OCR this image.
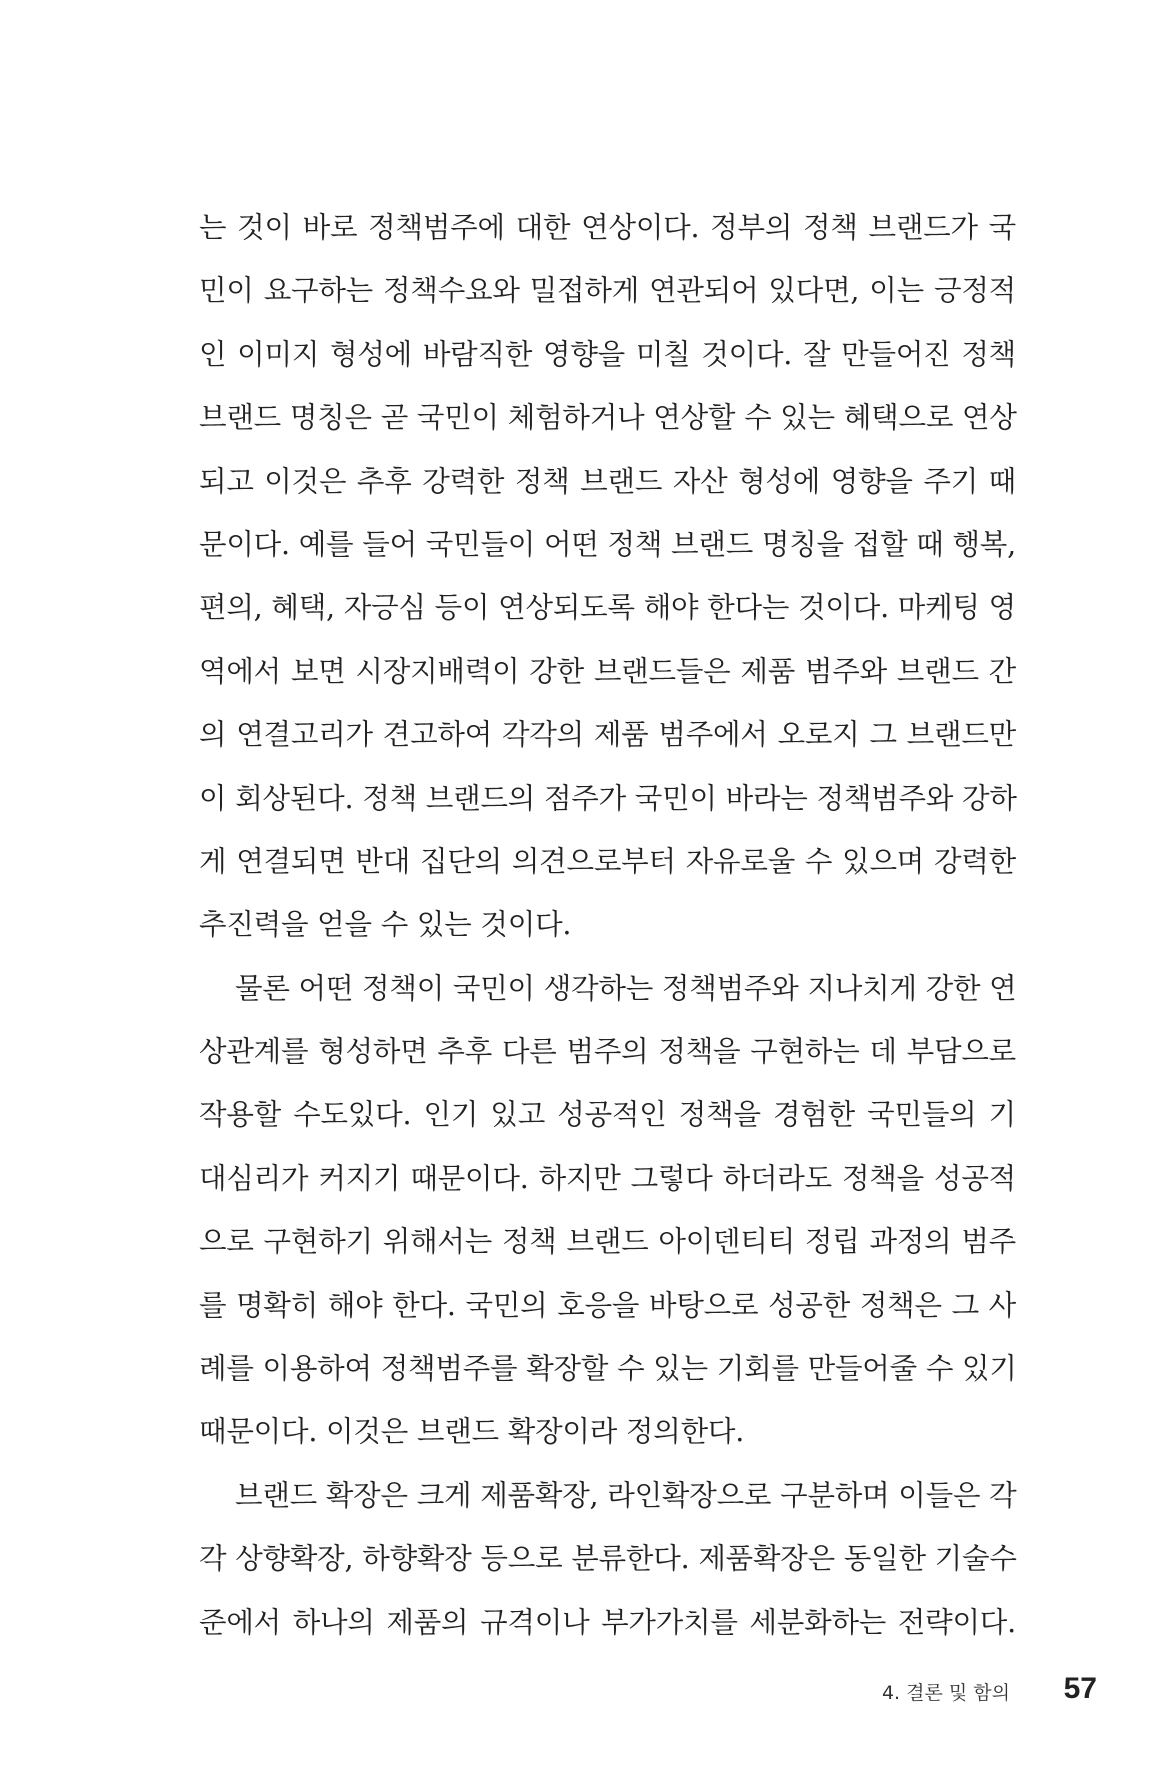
는 것이 바로 정책범주에 대한 연상이다. 정부의 정책 브랜드가 국
민이 요구하는 정책수요와 밀접하게 연관되어 있다면, 이는 긍정적
인 이미지 형성에 바람직한 영향을 미칠 것이다. 잘 만들어진 정책
브랜드 명칭은 곧 국민이 체험하거나 연상할 수 있는 혜택으로 연상
되고 이것은 추후 강력한 정책 브랜드 자산 형성에 영향을 주기 때
문이다. 예를 들어 국민들이 어떤 정책 브랜드 명칭을 접할 때 행복,
편의, 혜택, 자긍심 등이 연상되도록 해야 한다는 것이다. 마케팅 영
역에서 보면 시장지배력이 강한 브랜드들은 제품 범주와 브랜드 간
의 연결고리가 견고하여 각각의 제품 범주에서 오로지 그 브랜드만
이 회상된다. 정책 브랜드의 점주가 국민이 바라는 정책범주와 강하
게 연결되면 반대 집단의 의견으로부터 자유로울 수 있으며 강력한
추진력을 얻을 수 있는 것이다.
물론 어떤 정책이 국민이 생각하는 정책범주와 지나치게 강한 연
상관계를 형성하면 추후 다른 범주의 정책을 구현하는 데 부담으로
작용할 수도있다. 인기 있고 성공적인 정책을 경험한 국민들의 기
대심리가 커지기 때문이다. 하지만 그렇다 하더라도 정책을 성공적
으로 구현하기 위해서는 정책 브랜드 아이덴티티 정립 과정의 범주
를 명확히 해야 한다. 국민의 호응을 바탕으로 성공한 정책은 그 사
례를 이용하여 정책범주를 확장할 수 있는 기회를 만들어줄 수 있기
때문이다. 이것은 브랜드 확장이라 정의한다.
브랜드 확장은 크게 제품확장, 라인확장으로 구분하며 이들은 각
각 상향확장, 하향확장 등으로 분류한다. 제품확장은 동일한 기술수
준에서 하나의 제품의 규격이나 부가가치를 세분화하는 전략이다.
4. 결론 및 함의 57
